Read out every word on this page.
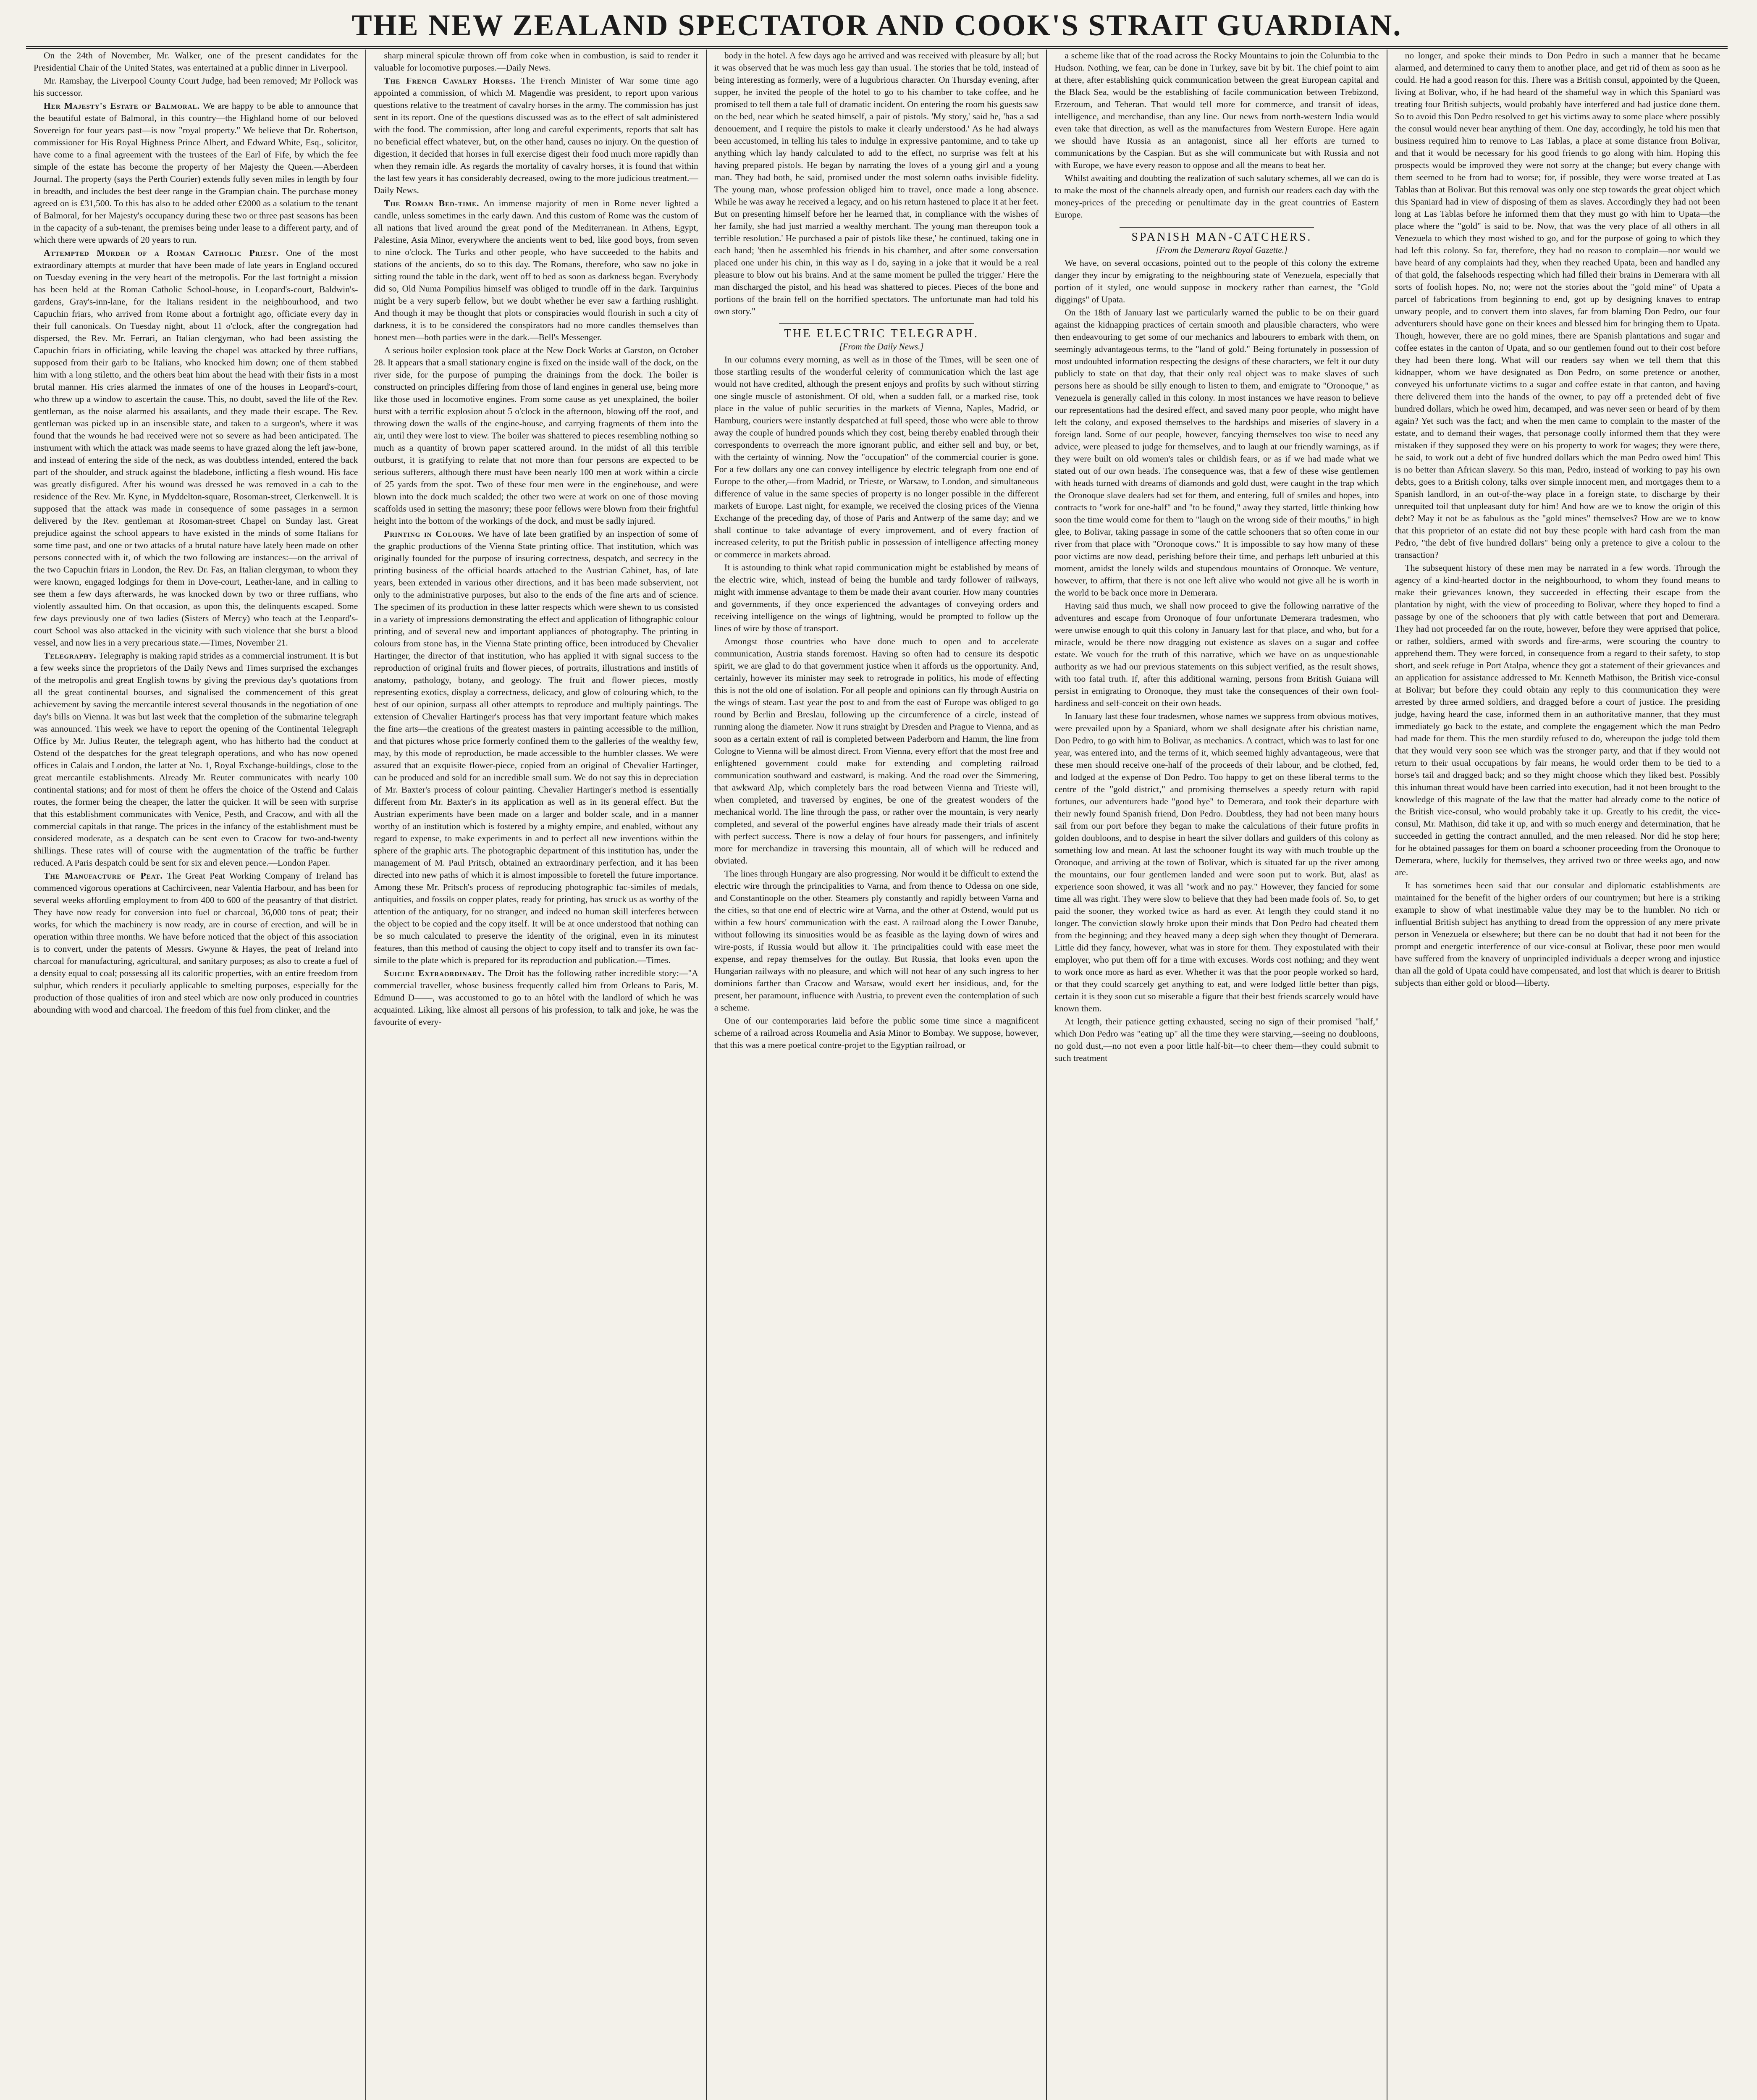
THE NEW ZEALAND SPECTATOR AND COOK'S STRAIT GUARDIAN.

On the 24th of November, Mr. Walker, one of the present candidates for the Presidential Chair of the United States, was entertained at a public dinner in Liverpool.

Mr. Ramshay, the Liverpool County Court Judge, had been removed; Mr Pollock was his successor.

Her Majesty's Estate of Balmoral. We are happy to be able to announce that the beautiful estate of Balmoral, in this country—the Highland home of our beloved Sovereign for four years past—is now "royal property." We believe that Dr. Robertson, commissioner for His Royal Highness Prince Albert, and Edward White, Esq., solicitor, have come to a final agreement with the trustees of the Earl of Fife, by which the fee simple of the estate has become the property of her Majesty the Queen.—Aberdeen Journal. The property (says the Perth Courier) extends fully seven miles in length by four in breadth, and includes the best deer range in the Grampian chain. The purchase money agreed on is £31,500. To this has also to be added other £2000 as a solatium to the tenant of Balmoral, for her Majesty's occupancy during these two or three past seasons has been in the capacity of a sub-tenant, the premises being under lease to a different party, and of which there were upwards of 20 years to run.

Attempted Murder of a Roman Catholic Priest. One of the most extraordinary attempts at murder that have been made of late years in England occured on Tuesday evening in the very heart of the metropolis. For the last fortnight a mission has been held at the Roman Catholic School-house, in Leopard's-court, Baldwin's-gardens, Gray's-inn-lane, for the Italians resident in the neighbourhood, and two Capuchin friars, who arrived from Rome about a fortnight ago, officiate every day in their full canonicals. On Tuesday night, about 11 o'clock, after the congregation had dispersed, the Rev. Mr. Ferrari, an Italian clergyman, who had been assisting the Capuchin friars in officiating, while leaving the chapel was attacked by three ruffians, supposed from their garb to be Italians, who knocked him down; one of them stabbed him with a long stiletto, and the others beat him about the head with their fists in a most brutal manner. His cries alarmed the inmates of one of the houses in Leopard's-court, who threw up a window to ascertain the cause. This, no doubt, saved the life of the Rev. gentleman, as the noise alarmed his assailants, and they made their escape. The Rev. gentleman was picked up in an insensible state, and taken to a surgeon's, where it was found that the wounds he had received were not so severe as had been anticipated. The instrument with which the attack was made seems to have grazed along the left jaw-bone, and instead of entering the side of the neck, as was doubtless intended, entered the back part of the shoulder, and struck against the bladebone, inflicting a flesh wound. His face was greatly disfigured. After his wound was dressed he was removed in a cab to the residence of the Rev. Mr. Kyne, in Myddelton-square, Rosoman-street, Clerkenwell. It is supposed that the attack was made in consequence of some passages in a sermon delivered by the Rev. gentleman at Rosoman-street Chapel on Sunday last. Great prejudice against the school appears to have existed in the minds of some Italians for some time past, and one or two attacks of a brutal nature have lately been made on other persons connected with it, of which the two following are instances:—on the arrival of the two Capuchin friars in London, the Rev. Dr. Fas, an Italian clergyman, to whom they were known, engaged lodgings for them in Dove-court, Leather-lane, and in calling to see them a few days afterwards, he was knocked down by two or three ruffians, who violently assaulted him. On that occasion, as upon this, the delinquents escaped. Some few days previously one of two ladies (Sisters of Mercy) who teach at the Leopard's-court School was also attacked in the vicinity with such violence that she burst a blood vessel, and now lies in a very precarious state.—Times, November 21.

Telegraphy. Telegraphy is making rapid strides as a commercial instrument. It is but a few weeks since the proprietors of the Daily News and Times surprised the exchanges of the metropolis and great English towns by giving the previous day's quotations from all the great continental bourses, and signalised the commencement of this great achievement by saving the mercantile interest several thousands in the negotiation of one day's bills on Vienna. It was but last week that the completion of the submarine telegraph was announced. This week we have to report the opening of the Continental Telegraph Office by Mr. Julius Reuter, the telegraph agent, who has hitherto had the conduct at Ostend of the despatches for the great telegraph operations, and who has now opened offices in Calais and London, the latter at No. 1, Royal Exchange-buildings, close to the great mercantile establishments. Already Mr. Reuter communicates with nearly 100 continental stations; and for most of them he offers the choice of the Ostend and Calais routes, the former being the cheaper, the latter the quicker. It will be seen with surprise that this establishment communicates with Venice, Pesth, and Cracow, and with all the commercial capitals in that range. The prices in the infancy of the establishment must be considered moderate, as a despatch can be sent even to Cracow for two-and-twenty shillings. These rates will of course with the augmentation of the traffic be further reduced. A Paris despatch could be sent for six and eleven pence.—London Paper.

The Manufacture of Peat. The Great Peat Working Company of Ireland has commenced vigorous operations at Cachirciveen, near Valentia Harbour, and has been for several weeks affording employment to from 400 to 600 of the peasantry of that district. They have now ready for conversion into fuel or charcoal, 36,000 tons of peat; their works, for which the machinery is now ready, are in course of erection, and will be in operation within three months. We have before noticed that the object of this association is to convert, under the patents of Messrs. Gwynne & Hayes, the peat of Ireland into charcoal for manufacturing, agricultural, and sanitary purposes; as also to create a fuel of a density equal to coal; possessing all its calorific properties, with an entire freedom from sulphur, which renders it peculiarly applicable to smelting purposes, especially for the production of those qualities of iron and steel which are now only produced in countries abounding with wood and charcoal. The freedom of this fuel from clinker, and the

sharp mineral spiculæ thrown off from coke when in combustion, is said to render it valuable for locomotive purposes.—Daily News.

The French Cavalry Horses. The French Minister of War some time ago appointed a commission, of which M. Magendie was president, to report upon various questions relative to the treatment of cavalry horses in the army. The commission has just sent in its report. One of the questions discussed was as to the effect of salt administered with the food. The commission, after long and careful experiments, reports that salt has no beneficial effect whatever, but, on the other hand, causes no injury. On the question of digestion, it decided that horses in full exercise digest their food much more rapidly than when they remain idle. As regards the mortality of cavalry horses, it is found that within the last few years it has considerably decreased, owing to the more judicious treatment.—Daily News.

The Roman Bed-time. An immense majority of men in Rome never lighted a candle, unless sometimes in the early dawn. And this custom of Rome was the custom of all nations that lived around the great pond of the Mediterranean. In Athens, Egypt, Palestine, Asia Minor, everywhere the ancients went to bed, like good boys, from seven to nine o'clock. The Turks and other people, who have succeeded to the habits and stations of the ancients, do so to this day. The Romans, therefore, who saw no joke in sitting round the table in the dark, went off to bed as soon as darkness began. Everybody did so, Old Numa Pompilius himself was obliged to trundle off in the dark. Tarquinius might be a very superb fellow, but we doubt whether he ever saw a farthing rushlight. And though it may be thought that plots or conspiracies would flourish in such a city of darkness, it is to be considered the conspirators had no more candles themselves than honest men—both parties were in the dark.—Bell's Messenger.

A serious boiler explosion took place at the New Dock Works at Garston, on October 28. It appears that a small stationary engine is fixed on the inside wall of the dock, on the river side, for the purpose of pumping the drainings from the dock. The boiler is constructed on principles differing from those of land engines in general use, being more like those used in locomotive engines. From some cause as yet unexplained, the boiler burst with a terrific explosion about 5 o'clock in the afternoon, blowing off the roof, and throwing down the walls of the engine-house, and carrying fragments of them into the air, until they were lost to view. The boiler was shattered to pieces resembling nothing so much as a quantity of brown paper scattered around. In the midst of all this terrible outburst, it is gratifying to relate that not more than four persons are expected to be serious sufferers, although there must have been nearly 100 men at work within a circle of 25 yards from the spot. Two of these four men were in the enginehouse, and were blown into the dock much scalded; the other two were at work on one of those moving scaffolds used in setting the masonry; these poor fellows were blown from their frightful height into the bottom of the workings of the dock, and must be sadly injured.

Printing in Colours. We have of late been gratified by an inspection of some of the graphic productions of the Vienna State printing office. That institution, which was originally founded for the purpose of insuring correctness, despatch, and secrecy in the printing business of the official boards attached to the Austrian Cabinet, has, of late years, been extended in various other directions, and it has been made subservient, not only to the administrative purposes, but also to the ends of the fine arts and of science. The specimen of its production in these latter respects which were shewn to us consisted in a variety of impressions demonstrating the effect and application of lithographic colour printing, and of several new and important appliances of photography. The printing in colours from stone has, in the Vienna State printing office, been introduced by Chevalier Hartinger, the director of that institution, who has applied it with signal success to the reproduction of original fruits and flower pieces, of portraits, illustrations and institls of anatomy, pathology, botany, and geology. The fruit and flower pieces, mostly representing exotics, display a correctness, delicacy, and glow of colouring which, to the best of our opinion, surpass all other attempts to reproduce and multiply paintings. The extension of Chevalier Hartinger's process has that very important feature which makes the fine arts—the creations of the greatest masters in painting accessible to the million, and that pictures whose price formerly confined them to the galleries of the wealthy few, may, by this mode of reproduction, be made accessible to the humbler classes. We were assured that an exquisite flower-piece, copied from an original of Chevalier Hartinger, can be produced and sold for an incredible small sum. We do not say this in depreciation of Mr. Baxter's process of colour painting. Chevalier Hartinger's method is essentially different from Mr. Baxter's in its application as well as in its general effect. But the Austrian experiments have been made on a larger and bolder scale, and in a manner worthy of an institution which is fostered by a mighty empire, and enabled, without any regard to expense, to make experiments in and to perfect all new inventions within the sphere of the graphic arts. The photographic department of this institution has, under the management of M. Paul Pritsch, obtained an extraordinary perfection, and it has been directed into new paths of which it is almost impossible to foretell the future importance. Among these Mr. Pritsch's process of reproducing photographic fac-similes of medals, antiquities, and fossils on copper plates, ready for printing, has struck us as worthy of the attention of the antiquary, for no stranger, and indeed no human skill interferes between the object to be copied and the copy itself. It will be at once understood that nothing can be so much calculated to preserve the identity of the original, even in its minutest features, than this method of causing the object to copy itself and to transfer its own fac-simile to the plate which is prepared for its reproduction and publication.—Times.

Suicide Extraordinary. The Droit has the following rather incredible story:—"A commercial traveller, whose business frequently called him from Orleans to Paris, M. Edmund D——, was accustomed to go to an hôtel with the landlord of which he was acquainted. Liking, like almost all persons of his profession, to talk and joke, he was the favourite of every-

body in the hotel. A few days ago he arrived and was received with pleasure by all; but it was observed that he was much less gay than usual. The stories that he told, instead of being interesting as formerly, were of a lugubrious character. On Thursday evening, after supper, he invited the people of the hotel to go to his chamber to take coffee, and he promised to tell them a tale full of dramatic incident. On entering the room his guests saw on the bed, near which he seated himself, a pair of pistols. 'My story,' said he, 'has a sad denouement, and I require the pistols to make it clearly understood.' As he had always been accustomed, in telling his tales to indulge in expressive pantomime, and to take up anything which lay handy calculated to add to the effect, no surprise was felt at his having prepared pistols. He began by narrating the loves of a young girl and a young man. They had both, he said, promised under the most solemn oaths invisible fidelity. The young man, whose profession obliged him to travel, once made a long absence. While he was away he received a legacy, and on his return hastened to place it at her feet. But on presenting himself before her he learned that, in compliance with the wishes of her family, she had just married a wealthy merchant. The young man thereupon took a terrible resolution.' He purchased a pair of pistols like these,' he continued, taking one in each hand; 'then he assembled his friends in his chamber, and after some conversation placed one under his chin, in this way as I do, saying in a joke that it would be a real pleasure to blow out his brains. And at the same moment he pulled the trigger.' Here the man discharged the pistol, and his head was shattered to pieces. Pieces of the bone and portions of the brain fell on the horrified spectators. The unfortunate man had told his own story."

THE ELECTRIC TELEGRAPH.

[From the Daily News.]

In our columns every morning, as well as in those of the Times, will be seen one of those startling results of the wonderful celerity of communication which the last age would not have credited, although the present enjoys and profits by such without stirring one single muscle of astonishment. Of old, when a sudden fall, or a marked rise, took place in the value of public securities in the markets of Vienna, Naples, Madrid, or Hamburg, couriers were instantly despatched at full speed, those who were able to throw away the couple of hundred pounds which they cost, being thereby enabled through their correspondents to overreach the more ignorant public, and either sell and buy, or bet, with the certainty of winning. Now the "occupation" of the commercial courier is gone. For a few dollars any one can convey intelligence by electric telegraph from one end of Europe to the other,—from Madrid, or Trieste, or Warsaw, to London, and simultaneous difference of value in the same species of property is no longer possible in the different markets of Europe. Last night, for example, we received the closing prices of the Vienna Exchange of the preceding day, of those of Paris and Antwerp of the same day; and we shall continue to take advantage of every improvement, and of every fraction of increased celerity, to put the British public in possession of intelligence affecting money or commerce in markets abroad.

It is astounding to think what rapid communication might be established by means of the electric wire, which, instead of being the humble and tardy follower of railways, might with immense advantage to them be made their avant courier. How many countries and governments, if they once experienced the advantages of conveying orders and receiving intelligence on the wings of lightning, would be prompted to follow up the lines of wire by those of transport.

Amongst those countries who have done much to open and to accelerate communication, Austria stands foremost. Having so often had to censure its despotic spirit, we are glad to do that government justice when it affords us the opportunity. And, certainly, however its minister may seek to retrograde in politics, his mode of effecting this is not the old one of isolation. For all people and opinions can fly through Austria on the wings of steam. Last year the post to and from the east of Europe was obliged to go round by Berlin and Breslau, following up the circumference of a circle, instead of running along the diameter. Now it runs straight by Dresden and Prague to Vienna, and as soon as a certain extent of rail is completed between Paderborn and Hamm, the line from Cologne to Vienna will be almost direct. From Vienna, every effort that the most free and enlightened government could make for extending and completing railroad communication southward and eastward, is making. And the road over the Simmering, that awkward Alp, which completely bars the road between Vienna and Trieste will, when completed, and traversed by engines, be one of the greatest wonders of the mechanical world. The line through the pass, or rather over the mountain, is very nearly completed, and several of the powerful engines have already made their trials of ascent with perfect success. There is now a delay of four hours for passengers, and infinitely more for merchandize in traversing this mountain, all of which will be reduced and obviated.

The lines through Hungary are also progressing. Nor would it be difficult to extend the electric wire through the principalities to Varna, and from thence to Odessa on one side, and Constantinople on the other. Steamers ply constantly and rapidly between Varna and the cities, so that one end of electric wire at Varna, and the other at Ostend, would put us within a few hours' communication with the east. A railroad along the Lower Danube, without following its sinuosities would be as feasible as the laying down of wires and wire-posts, if Russia would but allow it. The principalities could with ease meet the expense, and repay themselves for the outlay. But Russia, that looks even upon the Hungarian railways with no pleasure, and which will not hear of any such ingress to her dominions farther than Cracow and Warsaw, would exert her insidious, and, for the present, her paramount, influence with Austria, to prevent even the contemplation of such a scheme.

One of our contemporaries laid before the public some time since a magnificent scheme of a railroad across Roumelia and Asia Minor to Bombay. We suppose, however, that this was a mere poetical contre-projet to the Egyptian railroad, or

a scheme like that of the road across the Rocky Mountains to join the Columbia to the Hudson. Nothing, we fear, can be done in Turkey, save bit by bit. The chief point to aim at there, after establishing quick communication between the great European capital and the Black Sea, would be the establishing of facile communication between Trebizond, Erzeroum, and Teheran. That would tell more for commerce, and transit of ideas, intelligence, and merchandise, than any line. Our news from north-western India would even take that direction, as well as the manufactures from Western Europe. Here again we should have Russia as an antagonist, since all her efforts are turned to communications by the Caspian. But as she will communicate but with Russia and not with Europe, we have every reason to oppose and all the means to beat her.

Whilst awaiting and doubting the realization of such salutary schemes, all we can do is to make the most of the channels already open, and furnish our readers each day with the money-prices of the preceding or penultimate day in the great countries of Eastern Europe.

SPANISH MAN-CATCHERS.

[From the Demerara Royal Gazette.]

We have, on several occasions, pointed out to the people of this colony the extreme danger they incur by emigrating to the neighbouring state of Venezuela, especially that portion of it styled, one would suppose in mockery rather than earnest, the "Gold diggings" of Upata.

On the 18th of January last we particularly warned the public to be on their guard against the kidnapping practices of certain smooth and plausible characters, who were then endeavouring to get some of our mechanics and labourers to embark with them, on seemingly advantageous terms, to the "land of gold." Being fortunately in possession of most undoubted information respecting the designs of these characters, we felt it our duty publicly to state on that day, that their only real object was to make slaves of such persons here as should be silly enough to listen to them, and emigrate to "Oronoque," as Venezuela is generally called in this colony. In most instances we have reason to believe our representations had the desired effect, and saved many poor people, who might have left the colony, and exposed themselves to the hardships and miseries of slavery in a foreign land. Some of our people, however, fancying themselves too wise to need any advice, were pleased to judge for themselves, and to laugh at our friendly warnings, as if they were built on old women's tales or childish fears, or as if we had made what we stated out of our own heads. The consequence was, that a few of these wise gentlemen with heads turned with dreams of diamonds and gold dust, were caught in the trap which the Oronoque slave dealers had set for them, and entering, full of smiles and hopes, into contracts to "work for one-half" and "to be found," away they started, little thinking how soon the time would come for them to "laugh on the wrong side of their mouths," in high glee, to Bolivar, taking passage in some of the cattle schooners that so often come in our river from that place with "Oronoque cows." It is impossible to say how many of these poor victims are now dead, perishing before their time, and perhaps left unburied at this moment, amidst the lonely wilds and stupendous mountains of Oronoque. We venture, however, to affirm, that there is not one left alive who would not give all he is worth in the world to be back once more in Demerara.

Having said thus much, we shall now proceed to give the following narrative of the adventures and escape from Oronoque of four unfortunate Demerara tradesmen, who were unwise enough to quit this colony in January last for that place, and who, but for a miracle, would be there now dragging out existence as slaves on a sugar and coffee estate. We vouch for the truth of this narrative, which we have on as unquestionable authority as we had our previous statements on this subject verified, as the result shows, with too fatal truth. If, after this additional warning, persons from British Guiana will persist in emigrating to Oronoque, they must take the consequences of their own fool-hardiness and self-conceit on their own heads.

In January last these four tradesmen, whose names we suppress from obvious motives, were prevailed upon by a Spaniard, whom we shall designate after his christian name, Don Pedro, to go with him to Bolivar, as mechanics. A contract, which was to last for one year, was entered into, and the terms of it, which seemed highly advantageous, were that these men should receive one-half of the proceeds of their labour, and be clothed, fed, and lodged at the expense of Don Pedro. Too happy to get on these liberal terms to the centre of the "gold district," and promising themselves a speedy return with rapid fortunes, our adventurers bade "good bye" to Demerara, and took their departure with their newly found Spanish friend, Don Pedro. Doubtless, they had not been many hours sail from our port before they began to make the calculations of their future profits in golden doubloons, and to despise in heart the silver dollars and guilders of this colony as something low and mean. At last the schooner fought its way with much trouble up the Oronoque, and arriving at the town of Bolivar, which is situated far up the river among the mountains, our four gentlemen landed and were soon put to work. But, alas! as experience soon showed, it was all "work and no pay." However, they fancied for some time all was right. They were slow to believe that they had been made fools of. So, to get paid the sooner, they worked twice as hard as ever. At length they could stand it no longer. The conviction slowly broke upon their minds that Don Pedro had cheated them from the beginning; and they heaved many a deep sigh when they thought of Demerara. Little did they fancy, however, what was in store for them. They expostulated with their employer, who put them off for a time with excuses. Words cost nothing; and they went to work once more as hard as ever. Whether it was that the poor people worked so hard, or that they could scarcely get anything to eat, and were lodged little better than pigs, certain it is they soon cut so miserable a figure that their best friends scarcely would have known them.

At length, their patience getting exhausted, seeing no sign of their promised "half," which Don Pedro was "eating up" all the time they were starving,—seeing no doubloons, no gold dust,—no not even a poor little half-bit—to cheer them—they could submit to such treatment

no longer, and spoke their minds to Don Pedro in such a manner that he became alarmed, and determined to carry them to another place, and get rid of them as soon as he could. He had a good reason for this. There was a British consul, appointed by the Queen, living at Bolivar, who, if he had heard of the shameful way in which this Spaniard was treating four British subjects, would probably have interfered and had justice done them. So to avoid this Don Pedro resolved to get his victims away to some place where possibly the consul would never hear anything of them. One day, accordingly, he told his men that business required him to remove to Las Tablas, a place at some distance from Bolivar, and that it would be necessary for his good friends to go along with him. Hoping this prospects would be improved they were not sorry at the change; but every change with them seemed to be from bad to worse; for, if possible, they were worse treated at Las Tablas than at Bolivar. But this removal was only one step towards the great object which this Spaniard had in view of disposing of them as slaves. Accordingly they had not been long at Las Tablas before he informed them that they must go with him to Upata—the place where the "gold" is said to be. Now, that was the very place of all others in all Venezuela to which they most wished to go, and for the purpose of going to which they had left this colony. So far, therefore, they had no reason to complain—nor would we have heard of any complaints had they, when they reached Upata, been and handled any of that gold, the falsehoods respecting which had filled their brains in Demerara with all sorts of foolish hopes. No, no; were not the stories about the "gold mine" of Upata a parcel of fabrications from beginning to end, got up by designing knaves to entrap unwary people, and to convert them into slaves, far from blaming Don Pedro, our four adventurers should have gone on their knees and blessed him for bringing them to Upata. Though, however, there are no gold mines, there are Spanish plantations and sugar and coffee estates in the canton of Upata, and so our gentlemen found out to their cost before they had been there long. What will our readers say when we tell them that this kidnapper, whom we have designated as Don Pedro, on some pretence or another, conveyed his unfortunate victims to a sugar and coffee estate in that canton, and having there delivered them into the hands of the owner, to pay off a pretended debt of five hundred dollars, which he owed him, decamped, and was never seen or heard of by them again? Yet such was the fact; and when the men came to complain to the master of the estate, and to demand their wages, that personage coolly informed them that they were mistaken if they supposed they were on his property to work for wages; they were there, he said, to work out a debt of five hundred dollars which the man Pedro owed him! This is no better than African slavery. So this man, Pedro, instead of working to pay his own debts, goes to a British colony, talks over simple innocent men, and mortgages them to a Spanish landlord, in an out-of-the-way place in a foreign state, to discharge by their unrequited toil that unpleasant duty for him! And how are we to know the origin of this debt? May it not be as fabulous as the "gold mines" themselves? How are we to know that this proprietor of an estate did not buy these people with hard cash from the man Pedro, "the debt of five hundred dollars" being only a pretence to give a colour to the transaction?

The subsequent history of these men may be narrated in a few words. Through the agency of a kind-hearted doctor in the neighbourhood, to whom they found means to make their grievances known, they succeeded in effecting their escape from the plantation by night, with the view of proceeding to Bolivar, where they hoped to find a passage by one of the schooners that ply with cattle between that port and Demerara. They had not proceeded far on the route, however, before they were apprised that police, or rather, soldiers, armed with swords and fire-arms, were scouring the country to apprehend them. They were forced, in consequence from a regard to their safety, to stop short, and seek refuge in Port Atalpa, whence they got a statement of their grievances and an application for assistance addressed to Mr. Kenneth Mathison, the British vice-consul at Bolivar; but before they could obtain any reply to this communication they were arrested by three armed soldiers, and dragged before a court of justice. The presiding judge, having heard the case, informed them in an authoritative manner, that they must immediately go back to the estate, and complete the engagement which the man Pedro had made for them. This the men sturdily refused to do, whereupon the judge told them that they would very soon see which was the stronger party, and that if they would not return to their usual occupations by fair means, he would order them to be tied to a horse's tail and dragged back; and so they might choose which they liked best. Possibly this inhuman threat would have been carried into execution, had it not been brought to the knowledge of this magnate of the law that the matter had already come to the notice of the British vice-consul, who would probably take it up. Greatly to his credit, the vice-consul, Mr. Mathison, did take it up, and with so much energy and determination, that he succeeded in getting the contract annulled, and the men released. Nor did he stop here; for he obtained passages for them on board a schooner proceeding from the Oronoque to Demerara, where, luckily for themselves, they arrived two or three weeks ago, and now are.

It has sometimes been said that our consular and diplomatic establishments are maintained for the benefit of the higher orders of our countrymen; but here is a striking example to show of what inestimable value they may be to the humbler. No rich or influential British subject has anything to dread from the oppression of any mere private person in Venezuela or elsewhere; but there can be no doubt that had it not been for the prompt and energetic interference of our vice-consul at Bolivar, these poor men would have suffered from the knavery of unprincipled individuals a deeper wrong and injustice than all the gold of Upata could have compensated, and lost that which is dearer to British subjects than either gold or blood—liberty.
